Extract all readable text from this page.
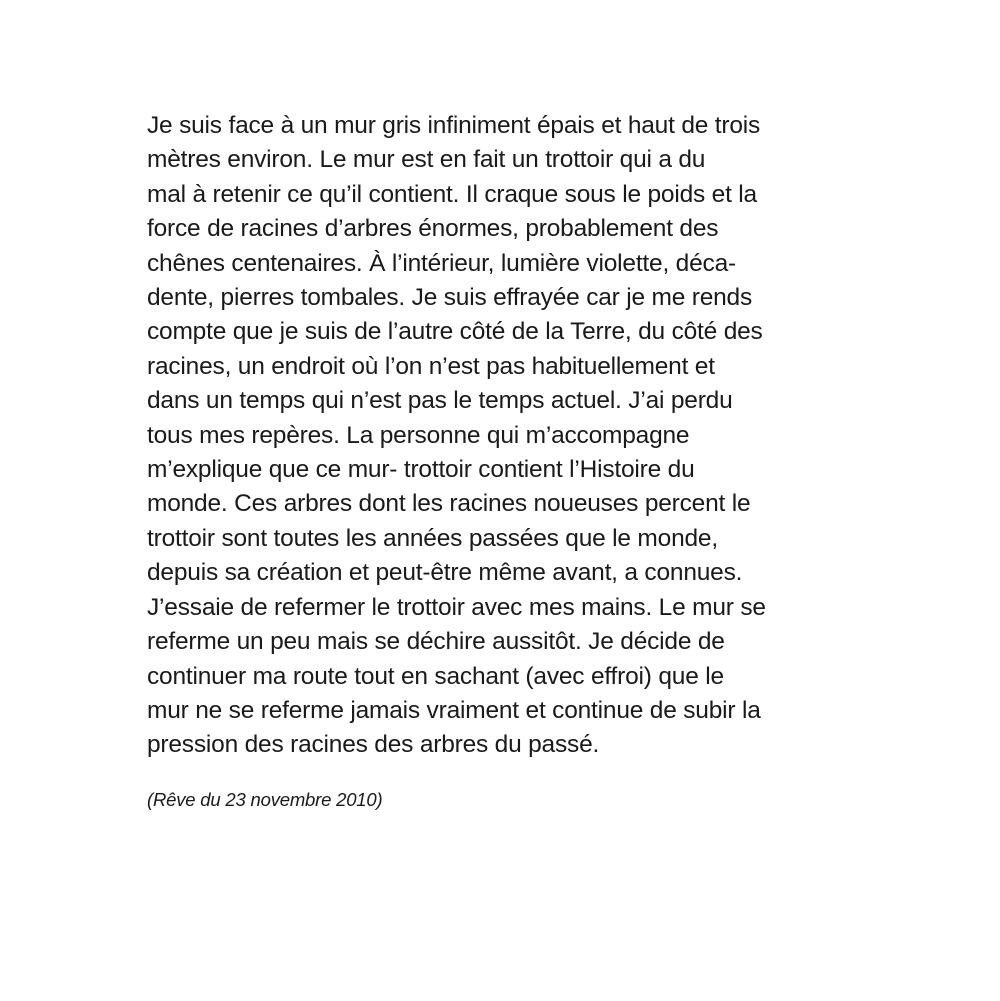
Je suis face à un mur gris infiniment épais et haut de trois
mètres environ. Le mur est en fait un trottoir qui a du
mal à retenir ce qu’il contient. Il craque sous le poids et la
force de racines d’arbres énormes, probablement des
chênes centenaires. À l’intérieur, lumière violette, déca-
dente, pierres tombales. Je suis effrayée car je me rends
compte que je suis de l’autre côté de la Terre, du côté des
racines, un endroit où l’on n’est pas habituellement et
dans un temps qui n’est pas le temps actuel. J’ai perdu
tous mes repères. La personne qui m’accompagne
m’explique que ce mur- trottoir contient l’Histoire du
monde. Ces arbres dont les racines noueuses percent le
trottoir sont toutes les années passées que le monde,
depuis sa création et peut-être même avant, a connues.
J’essaie de refermer le trottoir avec mes mains. Le mur se
referme un peu mais se déchire aussitôt. Je décide de
continuer ma route tout en sachant (avec effroi) que le
mur ne se referme jamais vraiment et continue de subir la
pression des racines des arbres du passé.
(Rêve du 23 novembre 2010)
